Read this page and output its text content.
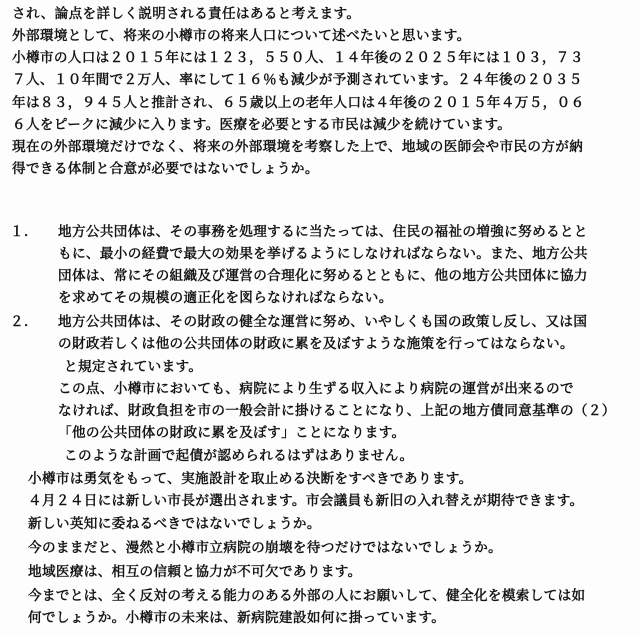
され、論点を詳しく説明される責任はあると考えます。
外部環境として、将来の小樽市の将来人口について述べたいと思います。
小樽市の人口は２０１５年には１２３，５５０人、１４年後の２０２５年には１０３，７３
７人、１０年間で２万人、率にして１６％も減少が予測されています。２４年後の２０３５
年は８３，９４５人と推計され、６５歳以上の老年人口は４年後の２０１５年４万５，０６
６人をピークに減少に入ります。医療を必要とする市民は減少を続けています。
現在の外部環境だけでなく、将来の外部環境を考察した上で、地域の医師会や市民の方が納
得できる体制と合意が必要ではないでしょうか。
１． 地方公共団体は、その事務を処理するに当たっては、住民の福祉の増強に努めるとと
もに、最小の経費で最大の効果を挙げるようにしなければならない。また、地方公共
団体は、常にその組織及び運営の合理化に努めるとともに、他の地方公共団体に協力
を求めてその規模の適正化を図らなければならない。
２． 地方公共団体は、その財政の健全な運営に努め、いやしくも国の政策し反し、又は国
の財政若しくは他の公共団体の財政に累を及ぼすような施策を行ってはならない。
と規定されています。
この点、小樽市においても、病院により生ずる収入により病院の運営が出来るので
なければ、財政負担を市の一般会計に掛けることになり、上記の地方債同意基準の（２）
「他の公共団体の財政に累を及ぼす」ことになります。
このような計画で起債が認められるはずはありません。
小樽市は勇気をもって、実施設計を取止める決断をすべきであります。
４月２４日には新しい市長が選出されます。市会議員も新旧の入れ替えが期待できます。
新しい英知に委ねるべきではないでしょうか。
今のままだと、漫然と小樽市立病院の崩壊を待つだけではないでしょうか。
地域医療は、相互の信頼と協力が不可欠であります。
今までとは、全く反対の考える能力のある外部の人にお願いして、健全化を模索しては如
何でしょうか。小樽市の未来は、新病院建設如何に掛っています。
